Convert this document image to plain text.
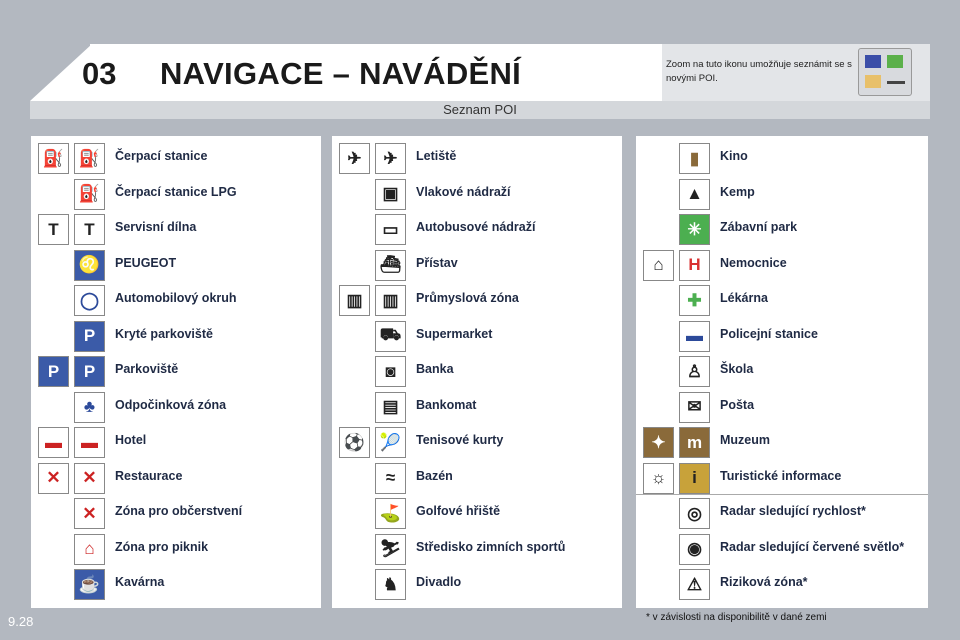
03 NAVIGACE – NAVÁDĚNÍ
Seznam POI
Zoom na tuto ikonu umožňuje seznámit se s novými POI.
⛽ ⛽	Čerpací stanice
⛽	Čerpací stanice LPG
T	T	Servisní dílna
♌	PEUGEOT
◯	Automobilový okruh
P	Kryté parkoviště
P	P	Parkoviště
♣	Odpočinková zóna
▬	▬	Hotel
✕	✕	Restaurace
✕	Zóna pro občerstvení
⌂	Zóna pro piknik
☕	Kavárna
✈	✈	Letiště
▣	Vlakové nádraží
▭	Autobusové nádraží
⛴	Přístav
▥	▥	Průmyslová zóna
⛟	Supermarket
◙	Banka
▤	Bankomat
⚽ 🎾	Tenisové kurty
≈	Bazén
⛳	Golfové hřiště
⛷	Středisko zimních sportů
♞	Divadlo
▮	Kino
▲	Kemp
✳	Zábavní park
⌂	H	Nemocnice
✚	Lékárna
▬	Policejní stanice
♙	Škola
✉	Pošta
✦	m	Muzeum
☼	i	Turistické informace
◎	Radar sledující rychlost*
◉	Radar sledující červené světlo*
⚠	Riziková zóna*
* v závislosti na disponibilitě v dané zemi
9.28
